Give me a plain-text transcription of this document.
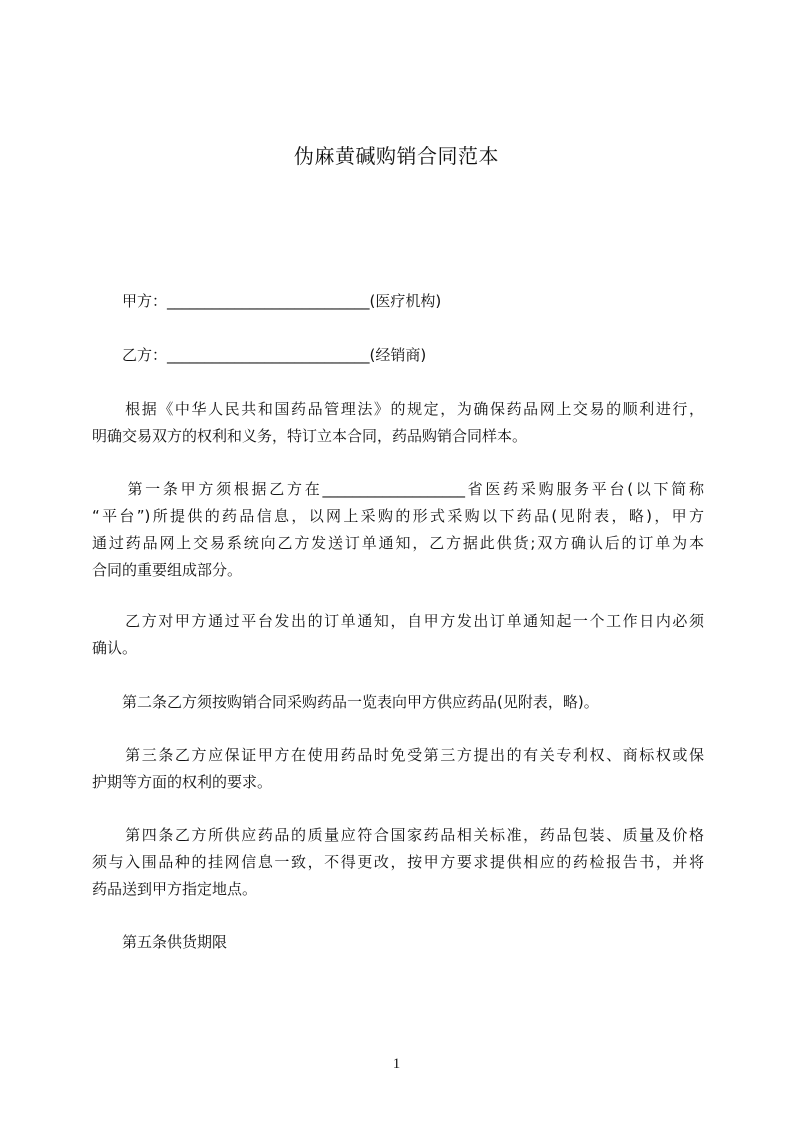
伪麻黄碱购销合同范本
　　甲方：___________________________(医疗机构)
　　乙方：___________________________(经销商)
　　根据《中华人民共和国药品管理法》的规定，为确保药品网上交易的顺利进行，
明确交易双方的权利和义务，特订立本合同，药品购销合同样本。
　　第一条甲方须根据乙方在___________________省医药采购服务平台(以下简称
“平台”)所提供的药品信息，以网上采购的形式采购以下药品(见附表，略)，甲方
通过药品网上交易系统向乙方发送订单通知，乙方据此供货;双方确认后的订单为本
合同的重要组成部分。
　　乙方对甲方通过平台发出的订单通知，自甲方发出订单通知起一个工作日内必须
确认。
　　第二条乙方须按购销合同采购药品一览表向甲方供应药品(见附表，略)。
　　第三条乙方应保证甲方在使用药品时免受第三方提出的有关专利权、商标权或保
护期等方面的权利的要求。
　　第四条乙方所供应药品的质量应符合国家药品相关标准，药品包装、质量及价格
须与入围品种的挂网信息一致，不得更改，按甲方要求提供相应的药检报告书，并将
药品送到甲方指定地点。
　　第五条供货期限
1
